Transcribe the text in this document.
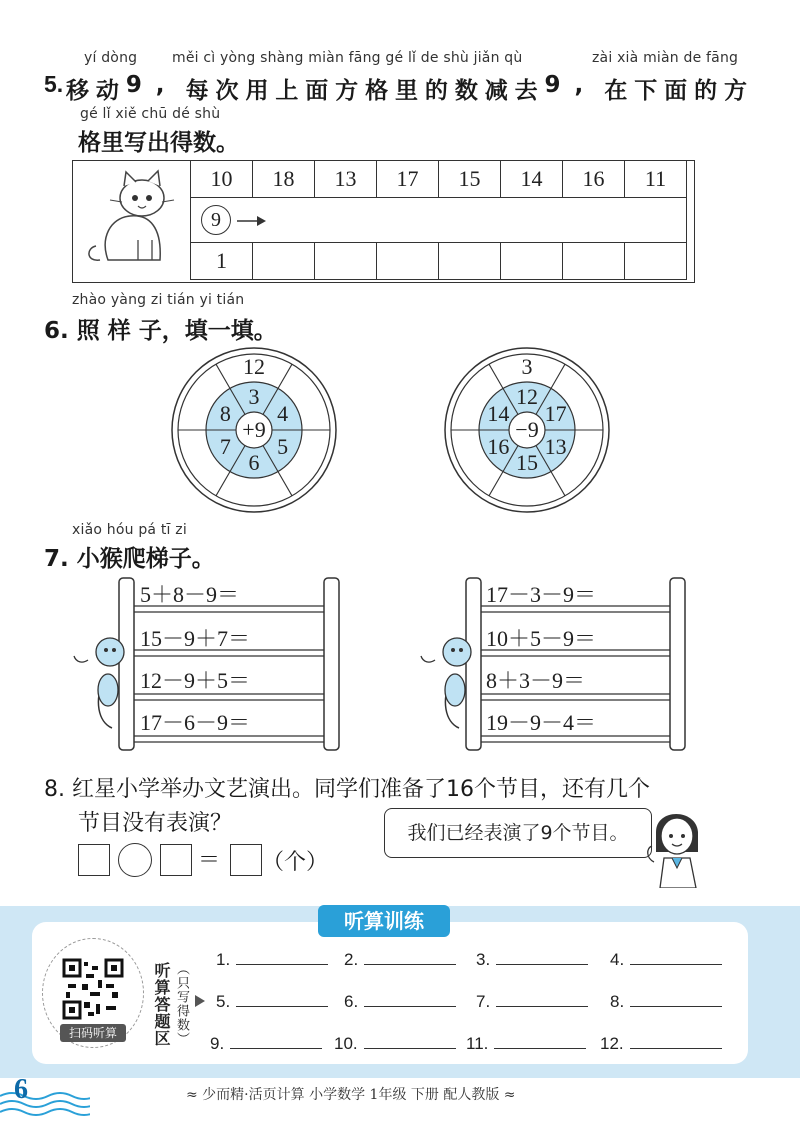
yí dòng měi cì yòng shàng miàn fāng gé lǐ de shù jiǎn qù	zài xià miàn de fāng
5. 移 动 9 , 每 次 用 上 面 方 格 里 的 数 减 去 9 , 在 下 面 的 方
gé lǐ xiě chū dé shù
格里写出得数。
10	18	13	17	15	14	16	11
9							
1							
zhào yàng zi tián yi tián
6. 照 样 子，填一填。
+9
3
4
5
6
7
8
12
−9
12
17
13
15
16
14
3
xiǎo hóu pá tī zi
7. 小猴爬梯子。
5＋8－9＝
15－9＋7＝
12－9＋5＝
17－6－9＝
17－3－9＝
10＋5－9＝
8＋3－9＝
19－9－4＝
8. 红星小学举办文艺演出。同学们准备了16个节目，还有几个
节目没有表演？
＝ （个）
我们已经表演了9个节目。
听算训练
扫码听算	听算答题区 （只写得数）
1.	2.	3.	4.
5.	6.	7.	8.
9.	10.	11.	12.
6	≈ 少而精·活页计算 小学数学 1年级 下册 配人教版 ≈
